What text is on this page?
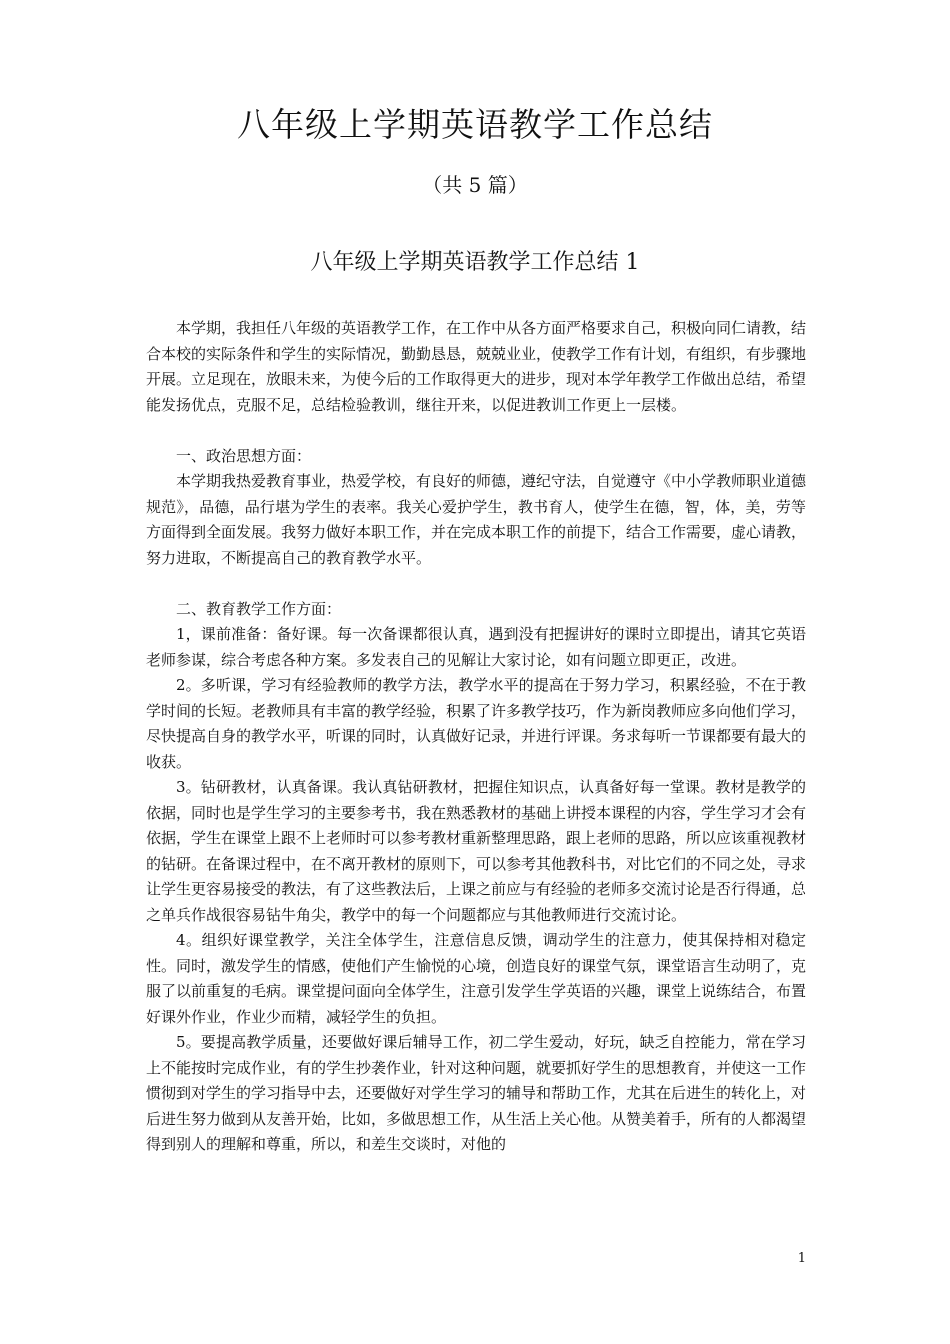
八年级上学期英语教学工作总结
（共 5 篇）
八年级上学期英语教学工作总结 1

本学期，我担任八年级的英语教学工作，在工作中从各方面严格要求自己，积极向同仁请教，结合本校的实际条件和学生的实际情况，勤勤恳恳，兢兢业业，使教学工作有计划，有组织，有步骤地开展。立足现在，放眼未来，为使今后的工作取得更大的进步，现对本学年教学工作做出总结，希望能发扬优点，克服不足，总结检验教训，继往开来，以促进教训工作更上一层楼。

一、政治思想方面：

本学期我热爱教育事业，热爱学校，有良好的师德，遵纪守法，自觉遵守《中小学教师职业道德规范》，品德，品行堪为学生的表率。我关心爱护学生，教书育人，使学生在德，智，体，美，劳等方面得到全面发展。我努力做好本职工作，并在完成本职工作的前提下，结合工作需要，虚心请教，努力进取，不断提高自己的教育教学水平。

二、教育教学工作方面：

1，课前准备：备好课。每一次备课都很认真，遇到没有把握讲好的课时立即提出，请其它英语老师参谋，综合考虑各种方案。多发表自己的见解让大家讨论，如有问题立即更正，改进。

2。多听课，学习有经验教师的教学方法，教学水平的提高在于努力学习，积累经验，不在于教学时间的长短。老教师具有丰富的教学经验，积累了许多教学技巧，作为新岗教师应多向他们学习，尽快提高自身的教学水平，听课的同时，认真做好记录，并进行评课。务求每听一节课都要有最大的收获。

3。钻研教材，认真备课。我认真钻研教材，把握住知识点，认真备好每一堂课。教材是教学的依据，同时也是学生学习的主要参考书，我在熟悉教材的基础上讲授本课程的内容，学生学习才会有依据，学生在课堂上跟不上老师时可以参考教材重新整理思路，跟上老师的思路，所以应该重视教材的钻研。在备课过程中，在不离开教材的原则下，可以参考其他教科书，对比它们的不同之处，寻求让学生更容易接受的教法，有了这些教法后，上课之前应与有经验的老师多交流讨论是否行得通，总之单兵作战很容易钻牛角尖，教学中的每一个问题都应与其他教师进行交流讨论。

4。组织好课堂教学，关注全体学生，注意信息反馈，调动学生的注意力，使其保持相对稳定性。同时，激发学生的情感，使他们产生愉悦的心境，创造良好的课堂气氛，课堂语言生动明了，克服了以前重复的毛病。课堂提问面向全体学生，注意引发学生学英语的兴趣，课堂上说练结合，布置好课外作业，作业少而精，减轻学生的负担。

5。要提高教学质量，还要做好课后辅导工作，初二学生爱动，好玩，缺乏自控能力，常在学习上不能按时完成作业，有的学生抄袭作业，针对这种问题，就要抓好学生的思想教育，并使这一工作惯彻到对学生的学习指导中去，还要做好对学生学习的辅导和帮助工作，尤其在后进生的转化上，对后进生努力做到从友善开始，比如，多做思想工作，从生活上关心他。从赞美着手，所有的人都渴望得到别人的理解和尊重，所以，和差生交谈时，对他的

1
